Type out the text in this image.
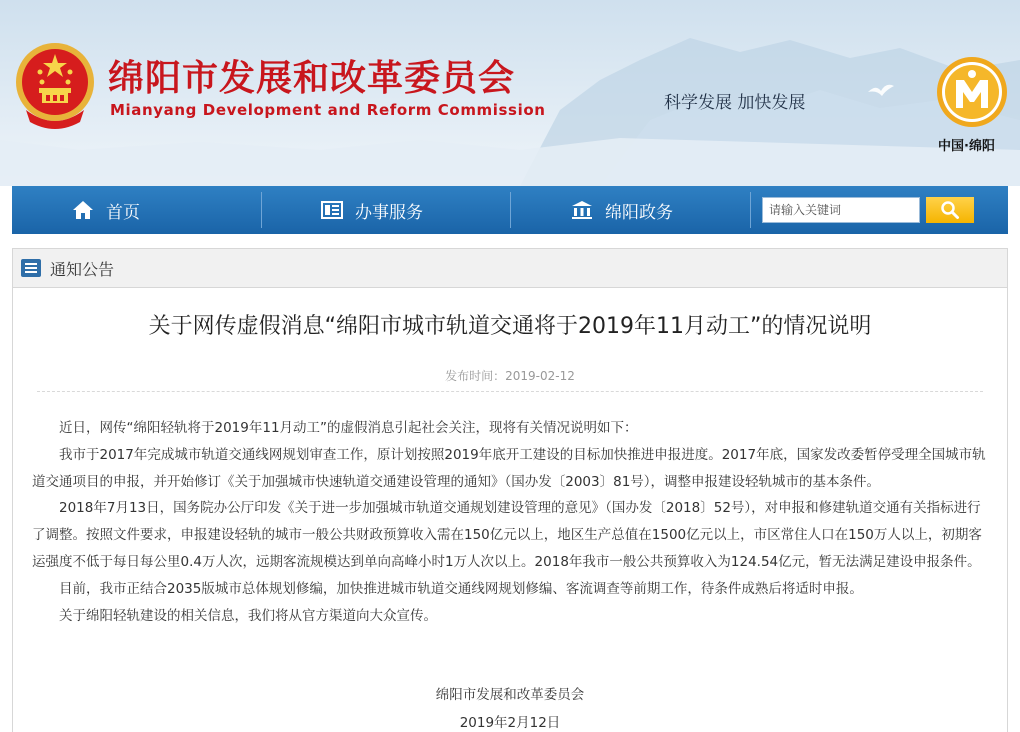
绵阳市发展和改革委员会
Mianyang Development and Reform Commission	科学发展 加快发展
中国·绵阳
首页	办事服务	绵阳政务
请输入关键词
通知公告
关于网传虚假消息“绵阳市城市轨道交通将于2019年11月动工”的情况说明
发布时间：2019-02-12

近日，网传“绵阳轻轨将于2019年11月动工”的虚假消息引起社会关注，现将有关情况说明如下：

我市于2017年完成城市轨道交通线网规划审查工作，原计划按照2019年底开工建设的目标加快推进申报进度。2017年底，国家发改委暂停受理全国城市轨道交通项目的申报，并开始修订《关于加强城市快速轨道交通建设管理的通知》（国办发〔2003〕81号），调整申报建设轻轨城市的基本条件。

2018年7月13日，国务院办公厅印发《关于进一步加强城市轨道交通规划建设管理的意见》（国办发〔2018〕52号），对申报和修建轨道交通有关指标进行了调整。按照文件要求，申报建设轻轨的城市一般公共财政预算收入需在150亿元以上，地区生产总值在1500亿元以上，市区常住人口在150万人以上，初期客运强度不低于每日每公里0.4万人次，远期客流规模达到单向高峰小时1万人次以上。2018年我市一般公共预算收入为124.54亿元，暂无法满足建设申报条件。

目前，我市正结合2035版城市总体规划修编，加快推进城市轨道交通线网规划修编、客流调查等前期工作，待条件成熟后将适时申报。

关于绵阳轻轨建设的相关信息，我们将从官方渠道向大众宣传。

绵阳市发展和改革委员会
2019年2月12日
